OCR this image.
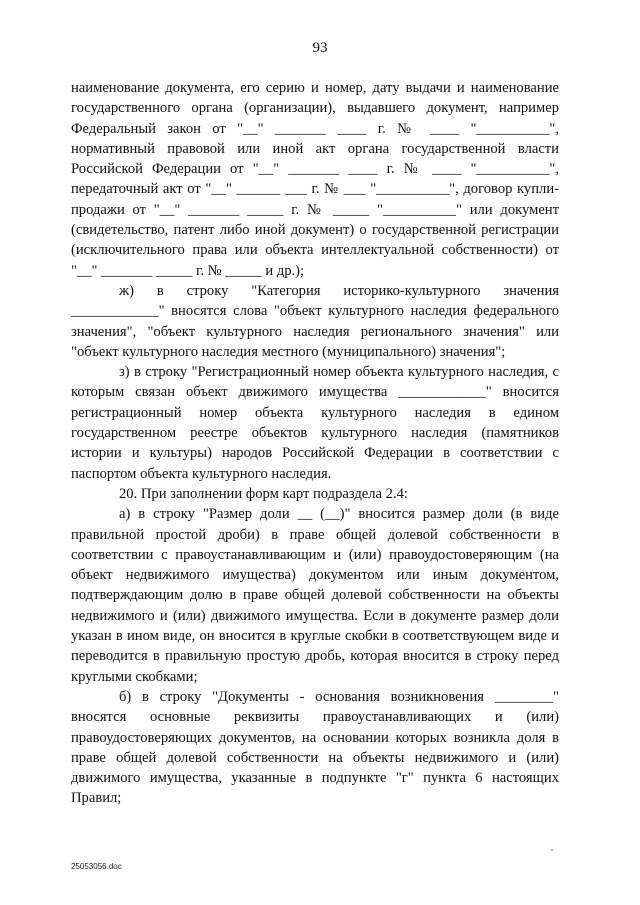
93

наименование документа, его серию и номер, дату выдачи и наименование государственного органа (организации), выдавшего документ, например Федеральный закон от "__" _______ ____ г. № ____ "__________", нормативный правовой или иной акт органа государственной власти Российской Федерации от "__" _______ ____ г. № ____ "__________", передаточный акт от "__" ______ ___ г. № ___ "__________", договор купли-продажи от "__" _______ _____ г. № _____ "__________" или документ (свидетельство, патент либо иной документ) о государственной регистрации (исключительного права или объекта интеллектуальной собственности) от "__" _______ _____ г. № _____ и др.);

ж) в строку "Категория историко-культурного значения ____________" вносятся слова "объект культурного наследия федерального значения", "объект культурного наследия регионального значения" или "объект культурного наследия местного (муниципального) значения";

з) в строку "Регистрационный номер объекта культурного наследия, с которым связан объект движимого имущества ____________" вносится регистрационный номер объекта культурного наследия в едином государственном реестре объектов культурного наследия (памятников истории и культуры) народов Российской Федерации в соответствии с паспортом объекта культурного наследия.

20. При заполнении форм карт подраздела 2.4:

а) в строку "Размер доли __ (__)" вносится размер доли (в виде правильной простой дроби) в праве общей долевой собственности в соответствии с правоустанавливающим и (или) правоудостоверяющим (на объект недвижимого имущества) документом или иным документом, подтверждающим долю в праве общей долевой собственности на объекты недвижимого и (или) движимого имущества. Если в документе размер доли указан в ином виде, он вносится в круглые скобки в соответствующем виде и переводится в правильную простую дробь, которая вносится в строку перед круглыми скобками;

б) в строку "Документы - основания возникновения ________" вносятся основные реквизиты правоустанавливающих и (или) правоудостоверяющих документов, на основании которых возникла доля в праве общей долевой собственности на объекты недвижимого и (или) движимого имущества, указанные в подпункте "г" пункта 6 настоящих Правил;

25053056.doc
